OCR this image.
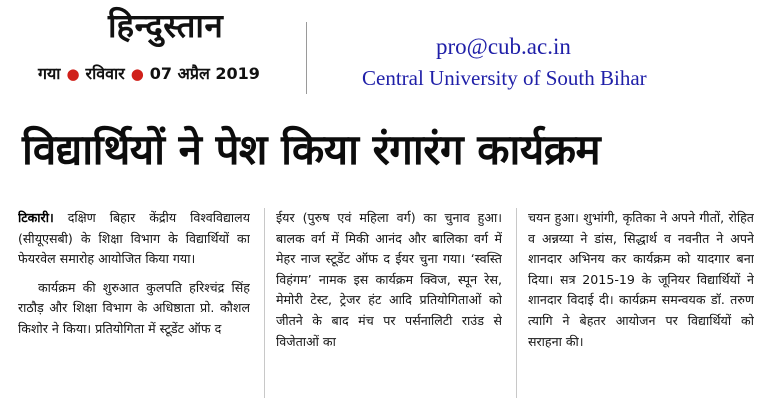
हिन्दुस्तान
गया ● रविवार ● 07 अप्रैल 2019
pro@cub.ac.in
Central University of South Bihar
विद्यार्थियों ने पेश किया रंगारंग कार्यक्रम

टिकारी। दक्षिण बिहार केंद्रीय विश्वविद्यालय (सीयूएसबी) के शिक्षा विभाग के विद्यार्थियों का फेयरवेल समारोह आयोजित किया गया।

कार्यक्रम की शुरुआत कुलपति हरिश्चंद्र सिंह राठौड़ और शिक्षा विभाग के अधिष्ठाता प्रो. कौशल किशोर ने किया। प्रतियोगिता में स्टूडेंट ऑफ द

ईयर (पुरुष एवं महिला वर्ग) का चुनाव हुआ। बालक वर्ग में मिकी आनंद और बालिका वर्ग में मेहर नाज स्टूडेंट ऑफ द ईयर चुना गया। ‘स्वस्ति विहंगम’ नामक इस कार्यक्रम क्विज, स्पून रेस, मेमोरी टेस्ट, ट्रेजर हंट आदि प्रतियोगिताओं को जीतने के बाद मंच पर पर्सनालिटी राउंड से विजेताओं का

चयन हुआ। शुभांगी, कृतिका ने अपने गीतों, रोहित व अन्नय्या ने डांस, सिद्धार्थ व नवनीत ने अपने शानदार अभिनय कर कार्यक्रम को यादगार बना दिया। सत्र 2015-19 के जूनियर विद्यार्थियों ने शानदार विदाई दी। कार्यक्रम समन्वयक डॉ. तरुण त्यागि ने बेहतर आयोजन पर विद्यार्थियों को सराहना की।
